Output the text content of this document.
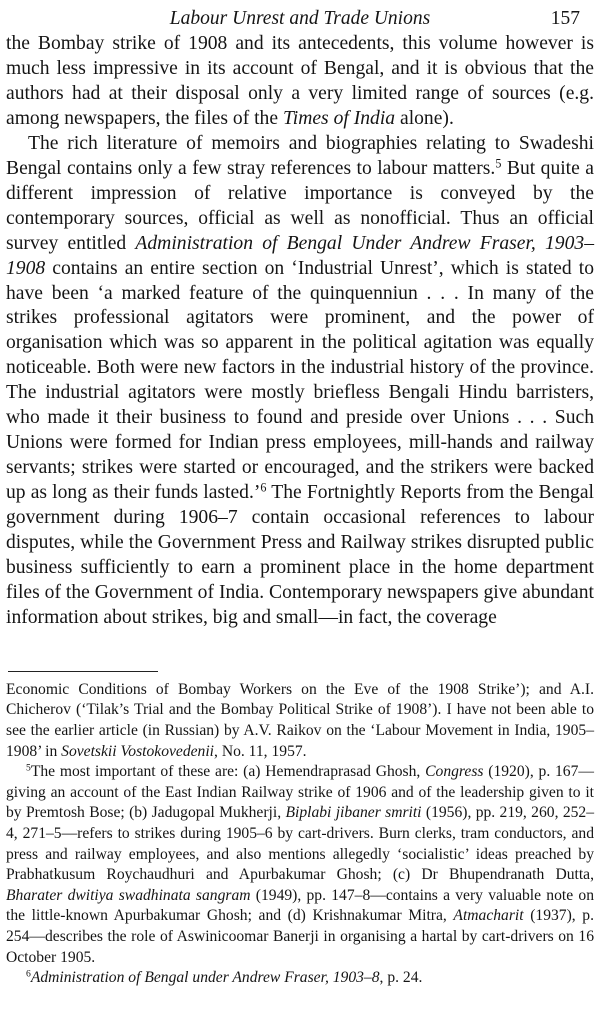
Labour Unrest and Trade Unions	157

the Bombay strike of 1908 and its antecedents, this volume however is much less impressive in its account of Bengal, and it is obvious that the authors had at their disposal only a very limited range of sources (e.g. among newspapers, the files of the Times of India alone).

The rich literature of memoirs and biographies relating to Swadeshi Bengal contains only a few stray references to labour matters.$^5$ But quite a different impression of relative importance is conveyed by the contemporary sources, official as well as nonofficial. Thus an official survey entitled Administration of Bengal Under Andrew Fraser, 1903–1908 contains an entire section on ‘Industrial Unrest’, which is stated to have been ‘a marked feature of the quinquenniun . . . In many of the strikes professional agitators were prominent, and the power of organisation which was so apparent in the political agitation was equally noticeable. Both were new factors in the industrial history of the province. The industrial agitators were mostly briefless Bengali Hindu barristers, who made it their business to found and preside over Unions . . . Such Unions were formed for Indian press employees, mill-hands and railway servants; strikes were started or encouraged, and the strikers were backed up as long as their funds lasted.’$^6$ The Fortnightly Reports from the Bengal government during 1906–7 contain occasional references to labour disputes, while the Government Press and Railway strikes disrupted public business sufficiently to earn a prominent place in the home department files of the Government of India. Contemporary newspapers give abundant information about strikes, big and small—in fact, the coverage

Economic Conditions of Bombay Workers on the Eve of the 1908 Strike’); and A.I. Chicherov (‘Tilak’s Trial and the Bombay Political Strike of 1908’). I have not been able to see the earlier article (in Russian) by A.V. Raikov on the ‘Labour Movement in India, 1905–1908’ in Sovetskii Vostokovedenii, No. 11, 1957.

$^5$The most important of these are: (a) Hemendraprasad Ghosh, Congress (1920), p. 167—giving an account of the East Indian Railway strike of 1906 and of the leadership given to it by Premtosh Bose; (b) Jadugopal Mukherji, Biplabi jibaner smriti (1956), pp. 219, 260, 252–4, 271–5—refers to strikes during 1905–6 by cart-drivers. Burn clerks, tram conductors, and press and railway employees, and also mentions allegedly ‘socialistic’ ideas preached by Prabhatkusum Roychaudhuri and Apurbakumar Ghosh; (c) Dr Bhupendranath Dutta, Bharater dwitiya swadhinata sangram (1949), pp. 147–8—contains a very valuable note on the little-known Apurbakumar Ghosh; and (d) Krishnakumar Mitra, Atmacharit (1937), p. 254—describes the role of Aswinicoomar Banerji in organising a hartal by cart-drivers on 16 October 1905.

$^6$Administration of Bengal under Andrew Fraser, 1903–8, p. 24.
